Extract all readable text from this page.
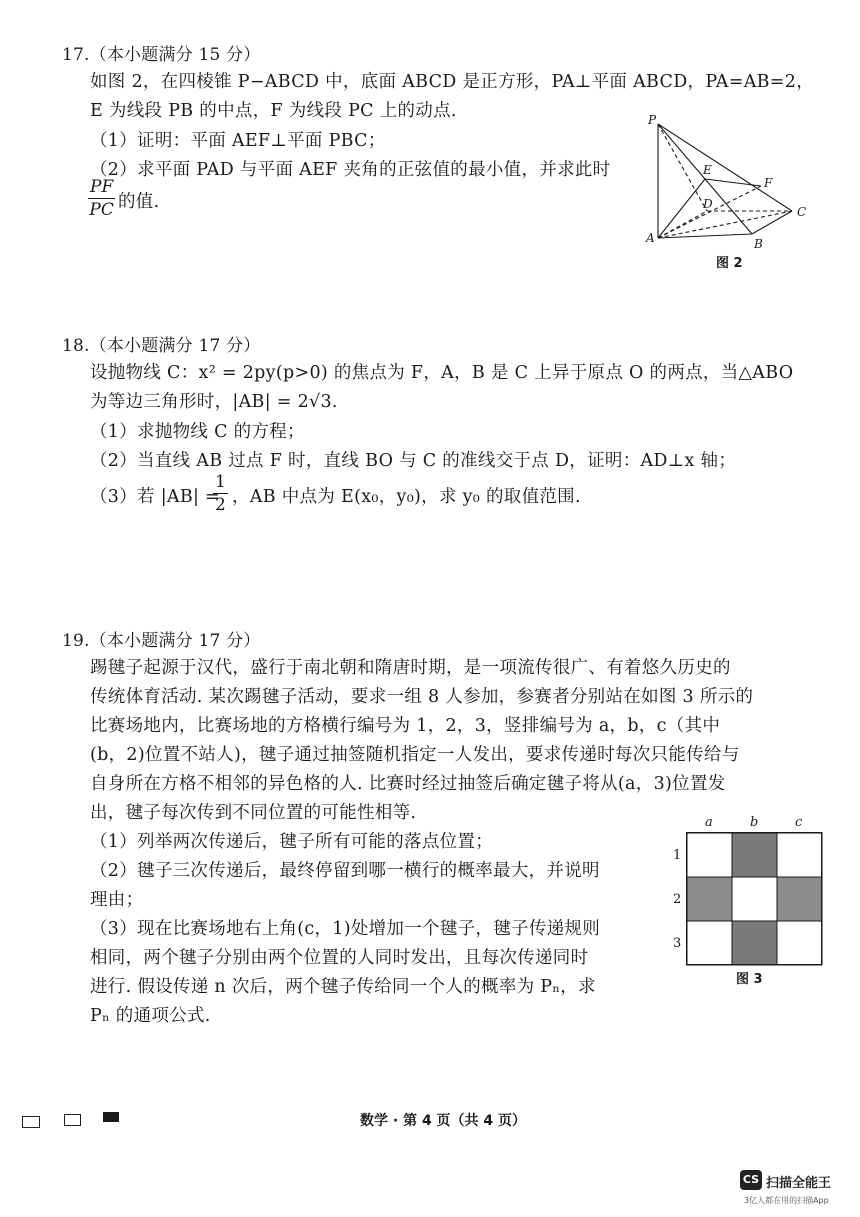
17.（本小题满分 15 分）
如图 2，在四棱锥 P−ABCD 中，底面 ABCD 是正方形，PA⊥平面 ABCD，PA=AB=2，
E 为线段 PB 的中点，F 为线段 PC 上的动点.
（1）证明：平面 AEF⊥平面 PBC；
（2）求平面 PAD 与平面 AEF 夹角的正弦值的最小值，并求此时
$\frac{PF}{PC}$ 的值.
P
E
F
D
C
A	B
图 2
18.（本小题满分 17 分）
设抛物线 C：x² = 2py(p>0) 的焦点为 F，A，B 是 C 上异于原点 O 的两点，当△ABO
为等边三角形时，|AB| = 2√3.
（1）求抛物线 C 的方程；
（2）当直线 AB 过点 F 时，直线 BO 与 C 的准线交于点 D，证明：AD⊥x 轴；
（3）若 |AB| =
$\frac{1}{2}$ ，AB 中点为 E(x₀，y₀)，求 y₀ 的取值范围.
19.（本小题满分 17 分）
踢毽子起源于汉代，盛行于南北朝和隋唐时期，是一项流传很广、有着悠久历史的
传统体育活动. 某次踢毽子活动，要求一组 8 人参加，参赛者分别站在如图 3 所示的
比赛场地内，比赛场地的方格横行编号为 1，2，3，竖排编号为 a，b，c（其中
(b，2)位置不站人)，毽子通过抽签随机指定一人发出，要求传递时每次只能传给与
自身所在方格不相邻的异色格的人. 比赛时经过抽签后确定毽子将从(a，3)位置发
出，毽子每次传到不同位置的可能性相等.
（1）列举两次传递后，毽子所有可能的落点位置；
（2）毽子三次传递后，最终停留到哪一横行的概率最大，并说明
理由；
（3）现在比赛场地右上角(c，1)处增加一个毽子，毽子传递规则
相同，两个毽子分别由两个位置的人同时发出，且每次传递同时
进行. 假设传递 n 次后，两个毽子传给同一个人的概率为 Pₙ，求
Pₙ 的通项公式.
a	b	c
1
2
3
图 3
数学 · 第 4 页（共 4 页）
CS 扫描全能王
3亿人都在用的扫描App
